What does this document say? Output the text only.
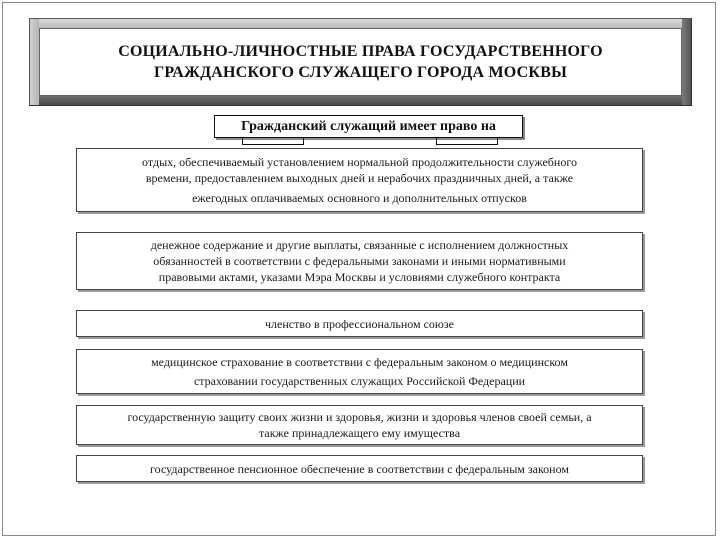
СОЦИАЛЬНО-ЛИЧНОСТНЫЕ ПРАВА ГОСУДАРСТВЕННОГО
ГРАЖДАНСКОГО СЛУЖАЩЕГО ГОРОДА МОСКВЫ
Гражданский служащий имеет право на
отдых, обеспечиваемый установлением нормальной продолжительности служебного
времени, предоставлением выходных дней и нерабочих праздничных дней, а также
ежегодных оплачиваемых основного и дополнительных отпусков
денежное содержание и другие выплаты, связанные с исполнением должностных
обязанностей в соответствии с федеральными законами и иными нормативными
правовыми актами, указами Мэра Москвы и условиями служебного контракта
членство в профессиональном союзе
медицинское страхование в соответствии с федеральным законом о медицинском
страховании государственных служащих Российской Федерации
государственную защиту своих жизни и здоровья, жизни и здоровья членов своей семьи, а
также принадлежащего ему имущества
государственное пенсионное обеспечение в соответствии с федеральным законом
